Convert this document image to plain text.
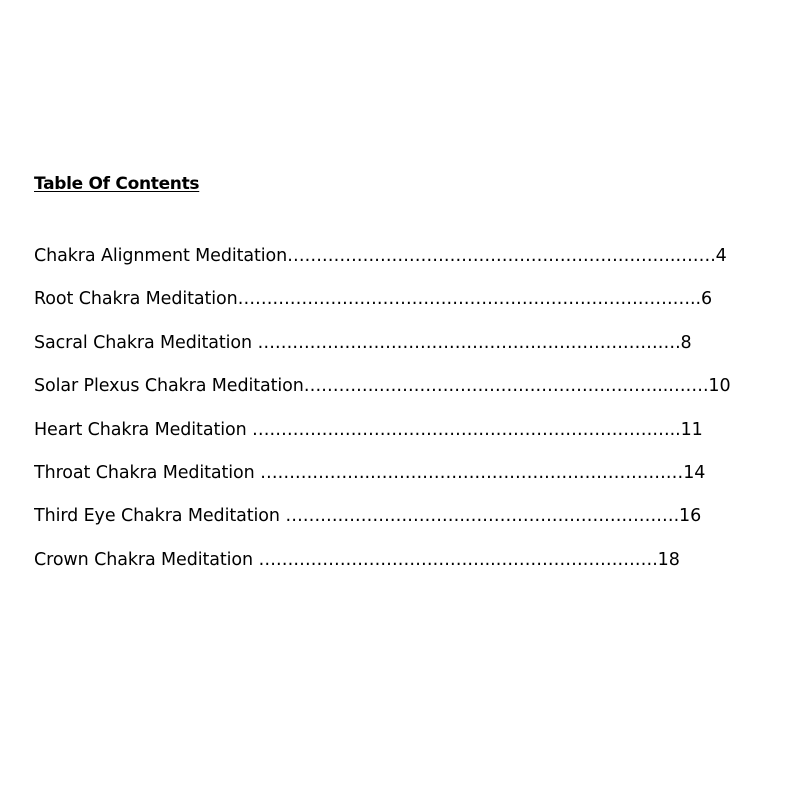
Table Of Contents
Chakra Alignment Meditation………………………………………………………….…….4
Root Chakra Meditation……………………………………………………………………..6
Sacral Chakra Meditation ……………………………………………………………….8
Solar Plexus Chakra Meditation………….…………………………………………..…….10
Heart Chakra Meditation ………………………………………………………………..11
Throat Chakra Meditation ……………….………………………………………………14
Third Eye Chakra Meditation ………………………….……………………………….16
Crown Chakra Meditation …………………………………..……………………….18
